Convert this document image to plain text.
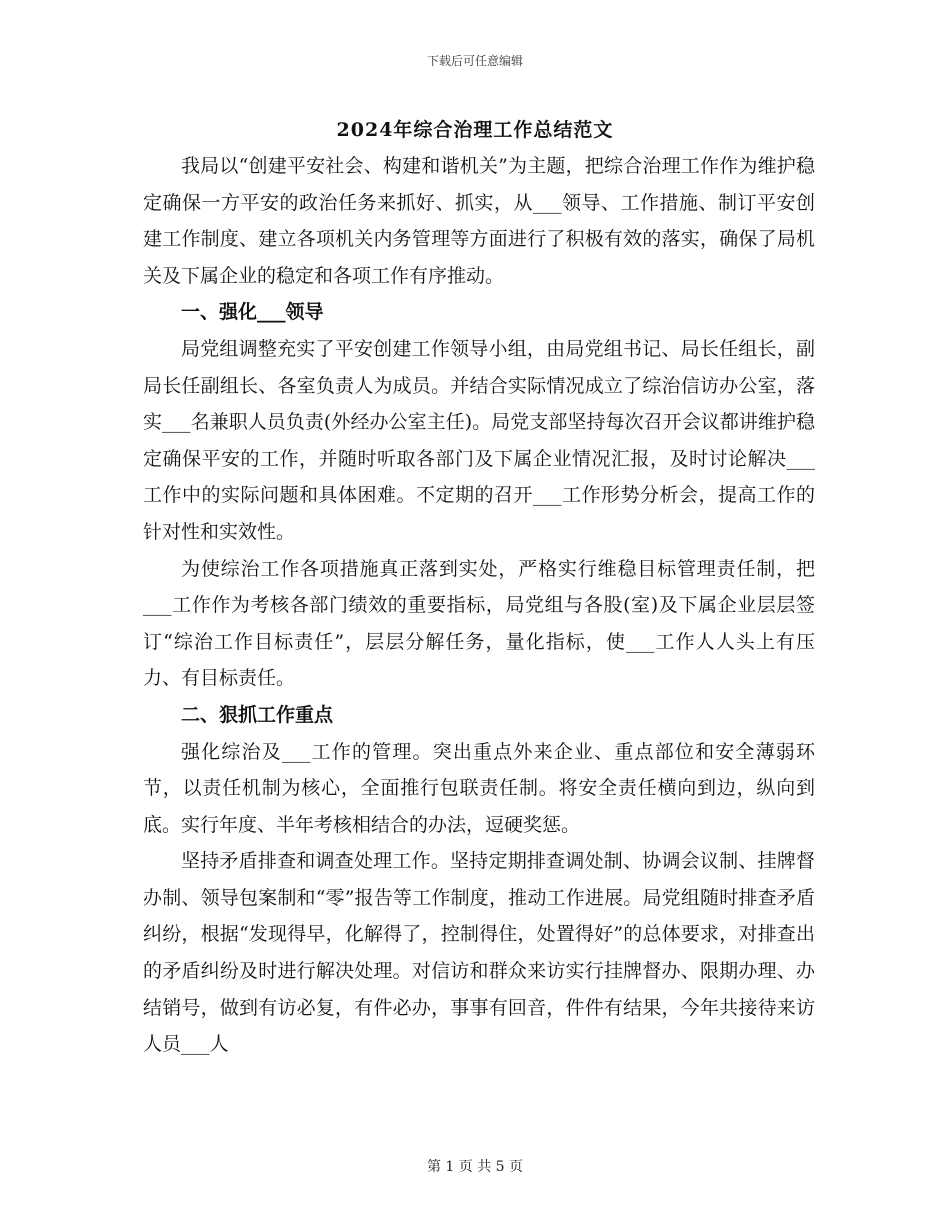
下载后可任意编辑
2024年综合治理工作总结范文

我局以“创建平安社会、构建和谐机关”为主题，把综合治理工作作为维护稳定确保一方平安的政治任务来抓好、抓实，从___领导、工作措施、制订平安创建工作制度、建立各项机关内务管理等方面进行了积极有效的落实，确保了局机关及下属企业的稳定和各项工作有序推动。

一、强化___领导

局党组调整充实了平安创建工作领导小组，由局党组书记、局长任组长，副局长任副组长、各室负责人为成员。并结合实际情况成立了综治信访办公室，落实___名兼职人员负责(外经办公室主任)。局党支部坚持每次召开会议都讲维护稳定确保平安的工作，并随时听取各部门及下属企业情况汇报，及时讨论解决___工作中的实际问题和具体困难。不定期的召开___工作形势分析会，提高工作的针对性和实效性。

为使综治工作各项措施真正落到实处，严格实行维稳目标管理责任制，把___工作作为考核各部门绩效的重要指标，局党组与各股(室)及下属企业层层签订“综治工作目标责任”，层层分解任务，量化指标，使___工作人人头上有压力、有目标责任。

二、狠抓工作重点

强化综治及___工作的管理。突出重点外来企业、重点部位和安全薄弱环节，以责任机制为核心，全面推行包联责任制。将安全责任横向到边，纵向到底。实行年度、半年考核相结合的办法，逗硬奖惩。

坚持矛盾排查和调查处理工作。坚持定期排查调处制、协调会议制、挂牌督办制、领导包案制和“零”报告等工作制度，推动工作进展。局党组随时排查矛盾纠纷，根据“发现得早，化解得了，控制得住，处置得好”的总体要求，对排查出的矛盾纠纷及时进行解决处理。对信访和群众来访实行挂牌督办、限期办理、办结销号，做到有访必复，有件必办，事事有回音，件件有结果，今年共接待来访人员___人

第 1 页 共 5 页
